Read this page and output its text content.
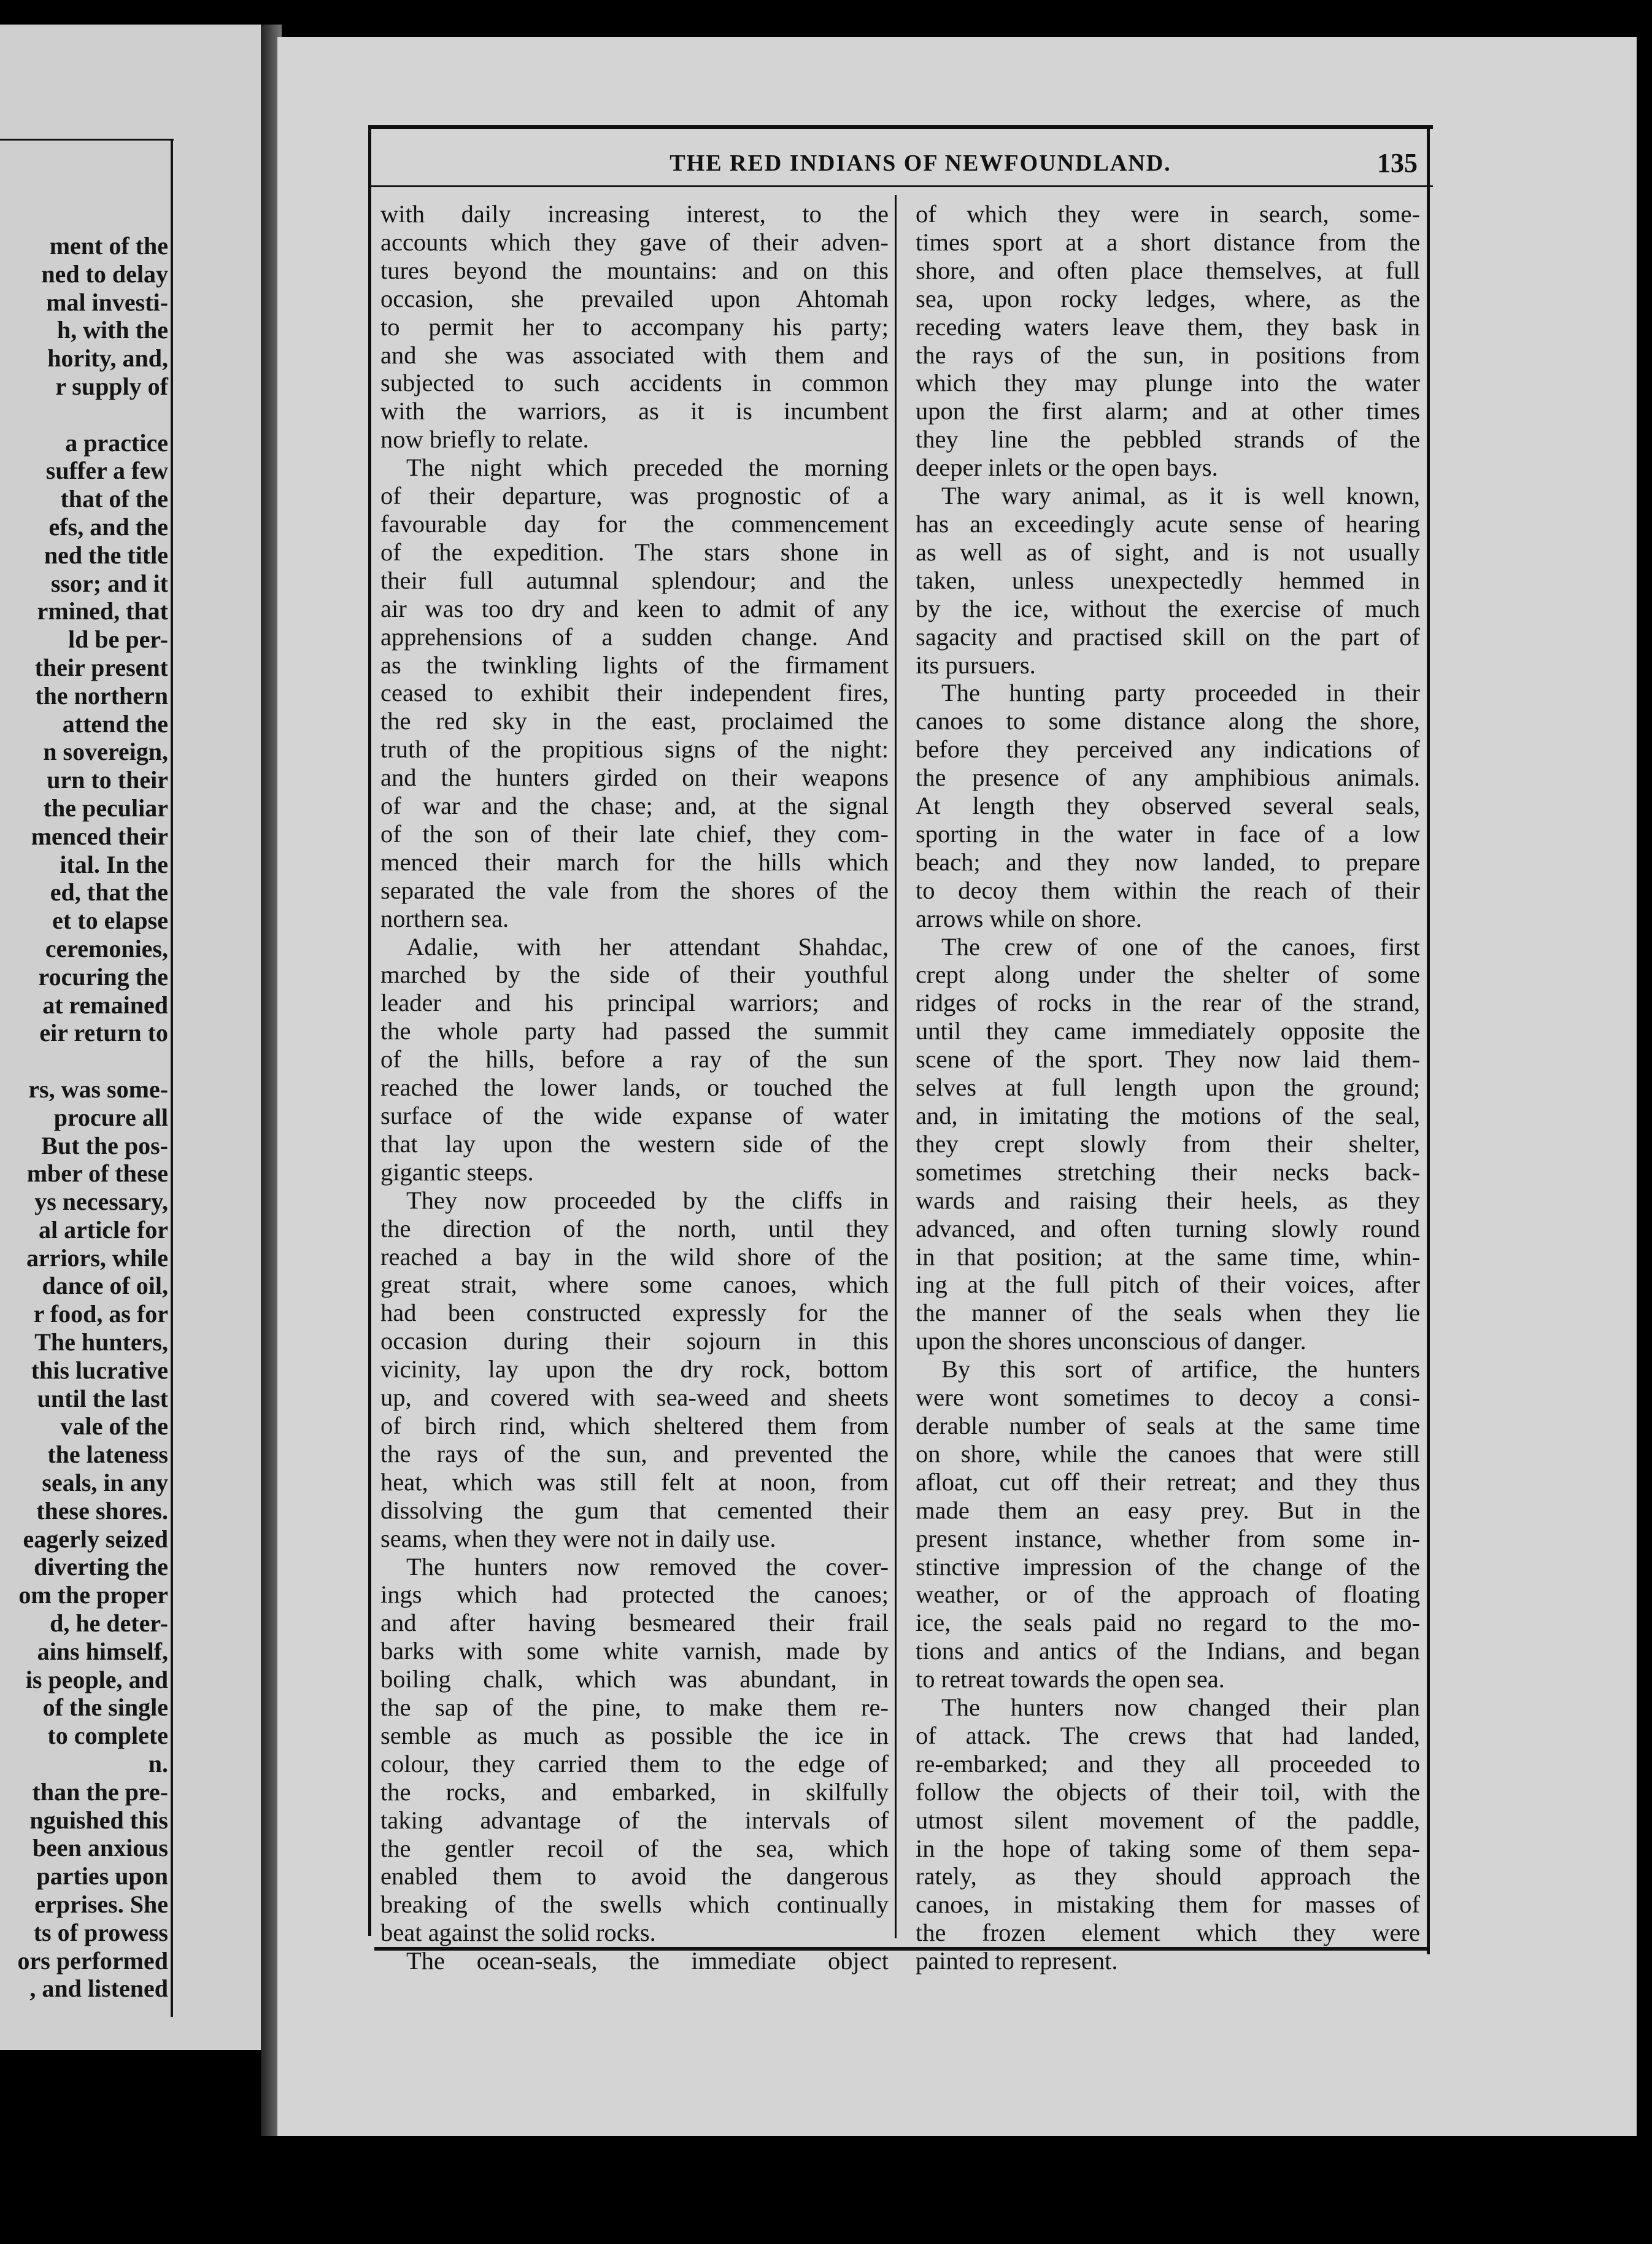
ment of the
ned to delay
mal investi-
h, with the
hority, and,
r supply of

a practice
suffer a few
that of the
efs, and the
ned the title
ssor; and it
rmined, that
ld be per-
their present
the northern
attend the
n sovereign,
urn to their
the peculiar
menced their
ital. In the
ed, that the
et to elapse
ceremonies,
rocuring the
at remained
eir return to

rs, was some-
procure all
But the pos-
mber of these
ys necessary,
al article for
arriors, while
dance of oil,
r food, as for
The hunters,
this lucrative
until the last
vale of the
the lateness
seals, in any
these shores.
eagerly seized
diverting the
om the proper
d, he deter-
ains himself,
is people, and
of the single
to complete
n.
than the pre-
nguished this
been anxious
parties upon
erprises. She
ts of prowess
ors performed
, and listened
THE RED INDIANS OF NEWFOUNDLAND.	135
with daily increasing interest, to the
accounts which they gave of their adven-
tures beyond the mountains: and on this
occasion, she prevailed upon Ahtomah
to permit her to accompany his party;
and she was associated with them and
subjected to such accidents in common
with the warriors, as it is incumbent
now briefly to relate.
The night which preceded the morning
of their departure, was prognostic of a
favourable day for the commencement
of the expedition. The stars shone in
their full autumnal splendour; and the
air was too dry and keen to admit of any
apprehensions of a sudden change. And
as the twinkling lights of the firmament
ceased to exhibit their independent fires,
the red sky in the east, proclaimed the
truth of the propitious signs of the night:
and the hunters girded on their weapons
of war and the chase; and, at the signal
of the son of their late chief, they com-
menced their march for the hills which
separated the vale from the shores of the
northern sea.
Adalie, with her attendant Shahdac,
marched by the side of their youthful
leader and his principal warriors; and
the whole party had passed the summit
of the hills, before a ray of the sun
reached the lower lands, or touched the
surface of the wide expanse of water
that lay upon the western side of the
gigantic steeps.
They now proceeded by the cliffs in
the direction of the north, until they
reached a bay in the wild shore of the
great strait, where some canoes, which
had been constructed expressly for the
occasion during their sojourn in this
vicinity, lay upon the dry rock, bottom
up, and covered with sea-weed and sheets
of birch rind, which sheltered them from
the rays of the sun, and prevented the
heat, which was still felt at noon, from
dissolving the gum that cemented their
seams, when they were not in daily use.
The hunters now removed the cover-
ings which had protected the canoes;
and after having besmeared their frail
barks with some white varnish, made by
boiling chalk, which was abundant, in
the sap of the pine, to make them re-
semble as much as possible the ice in
colour, they carried them to the edge of
the rocks, and embarked, in skilfully
taking advantage of the intervals of
the gentler recoil of the sea, which
enabled them to avoid the dangerous
breaking of the swells which continually
beat against the solid rocks.
The ocean-seals, the immediate object
of which they were in search, some-
times sport at a short distance from the
shore, and often place themselves, at full
sea, upon rocky ledges, where, as the
receding waters leave them, they bask in
the rays of the sun, in positions from
which they may plunge into the water
upon the first alarm; and at other times
they line the pebbled strands of the
deeper inlets or the open bays.
The wary animal, as it is well known,
has an exceedingly acute sense of hearing
as well as of sight, and is not usually
taken, unless unexpectedly hemmed in
by the ice, without the exercise of much
sagacity and practised skill on the part of
its pursuers.
The hunting party proceeded in their
canoes to some distance along the shore,
before they perceived any indications of
the presence of any amphibious animals.
At length they observed several seals,
sporting in the water in face of a low
beach; and they now landed, to prepare
to decoy them within the reach of their
arrows while on shore.
The crew of one of the canoes, first
crept along under the shelter of some
ridges of rocks in the rear of the strand,
until they came immediately opposite the
scene of the sport. They now laid them-
selves at full length upon the ground;
and, in imitating the motions of the seal,
they crept slowly from their shelter,
sometimes stretching their necks back-
wards and raising their heels, as they
advanced, and often turning slowly round
in that position; at the same time, whin-
ing at the full pitch of their voices, after
the manner of the seals when they lie
upon the shores unconscious of danger.
By this sort of artifice, the hunters
were wont sometimes to decoy a consi-
derable number of seals at the same time
on shore, while the canoes that were still
afloat, cut off their retreat; and they thus
made them an easy prey. But in the
present instance, whether from some in-
stinctive impression of the change of the
weather, or of the approach of floating
ice, the seals paid no regard to the mo-
tions and antics of the Indians, and began
to retreat towards the open sea.
The hunters now changed their plan
of attack. The crews that had landed,
re-embarked; and they all proceeded to
follow the objects of their toil, with the
utmost silent movement of the paddle,
in the hope of taking some of them sepa-
rately, as they should approach the
canoes, in mistaking them for masses of
the frozen element which they were
painted to represent.
